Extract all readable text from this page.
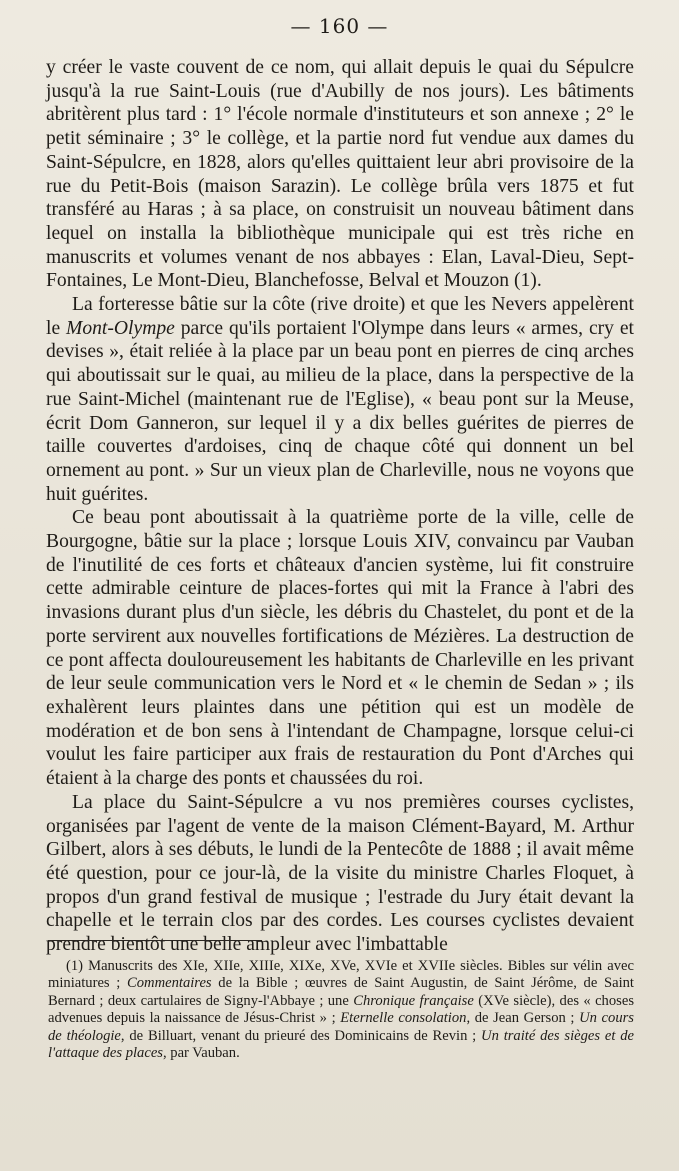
— 160 —

y créer le vaste couvent de ce nom, qui allait depuis le quai du Sépulcre jusqu'à la rue Saint-Louis (rue d'Aubilly de nos jours). Les bâtiments abritèrent plus tard : 1° l'école normale d'instituteurs et son annexe ; 2° le petit séminaire ; 3° le collège, et la partie nord fut vendue aux dames du Saint-Sépulcre, en 1828, alors qu'elles quittaient leur abri provisoire de la rue du Petit-Bois (maison Sarazin). Le collège brûla vers 1875 et fut transféré au Haras ; à sa place, on construisit un nouveau bâtiment dans lequel on installa la bibliothèque municipale qui est très riche en manuscrits et volumes venant de nos abbayes : Elan, Laval-Dieu, Sept-Fontaines, Le Mont-Dieu, Blanchefosse, Belval et Mouzon (1).

La forteresse bâtie sur la côte (rive droite) et que les Nevers appelèrent le Mont-Olympe parce qu'ils portaient l'Olympe dans leurs « armes, cry et devises », était reliée à la place par un beau pont en pierres de cinq arches qui aboutissait sur le quai, au milieu de la place, dans la perspective de la rue Saint-Michel (maintenant rue de l'Eglise), « beau pont sur la Meuse, écrit Dom Ganneron, sur lequel il y a dix belles guérites de pierres de taille couvertes d'ardoises, cinq de chaque côté qui donnent un bel ornement au pont. » Sur un vieux plan de Charleville, nous ne voyons que huit guérites.

Ce beau pont aboutissait à la quatrième porte de la ville, celle de Bourgogne, bâtie sur la place ; lorsque Louis XIV, convaincu par Vauban de l'inutilité de ces forts et châteaux d'ancien système, lui fit construire cette admirable ceinture de places-fortes qui mit la France à l'abri des invasions durant plus d'un siècle, les débris du Chastelet, du pont et de la porte servirent aux nouvelles fortifications de Mézières. La destruction de ce pont affecta douloureusement les habitants de Charleville en les privant de leur seule communication vers le Nord et « le chemin de Sedan » ; ils exhalèrent leurs plaintes dans une pétition qui est un modèle de modération et de bon sens à l'intendant de Champagne, lorsque celui-ci voulut les faire participer aux frais de restauration du Pont d'Arches qui étaient à la charge des ponts et chaussées du roi.

La place du Saint-Sépulcre a vu nos premières courses cyclistes, organisées par l'agent de vente de la maison Clément-Bayard, M. Arthur Gilbert, alors à ses débuts, le lundi de la Pentecôte de 1888 ; il avait même été question, pour ce jour-là, de la visite du ministre Charles Floquet, à propos d'un grand festival de musique ; l'estrade du Jury était devant la chapelle et le terrain clos par des cordes. Les courses cyclistes devaient prendre bientôt une belle ampleur avec l'imbattable

(1) Manuscrits des XIe, XIIe, XIIIe, XIXe, XVe, XVIe et XVIIe siècles. Bibles sur vélin avec miniatures ; Commentaires de la Bible ; œuvres de Saint Augustin, de Saint Jérôme, de Saint Bernard ; deux cartulaires de Signy-l'Abbaye ; une Chronique française (XVe siècle), des « choses advenues depuis la naissance de Jésus-Christ » ; Eternelle consolation, de Jean Gerson ; Un cours de théologie, de Billuart, venant du prieuré des Dominicains de Revin ; Un traité des sièges et de l'attaque des places, par Vauban.
